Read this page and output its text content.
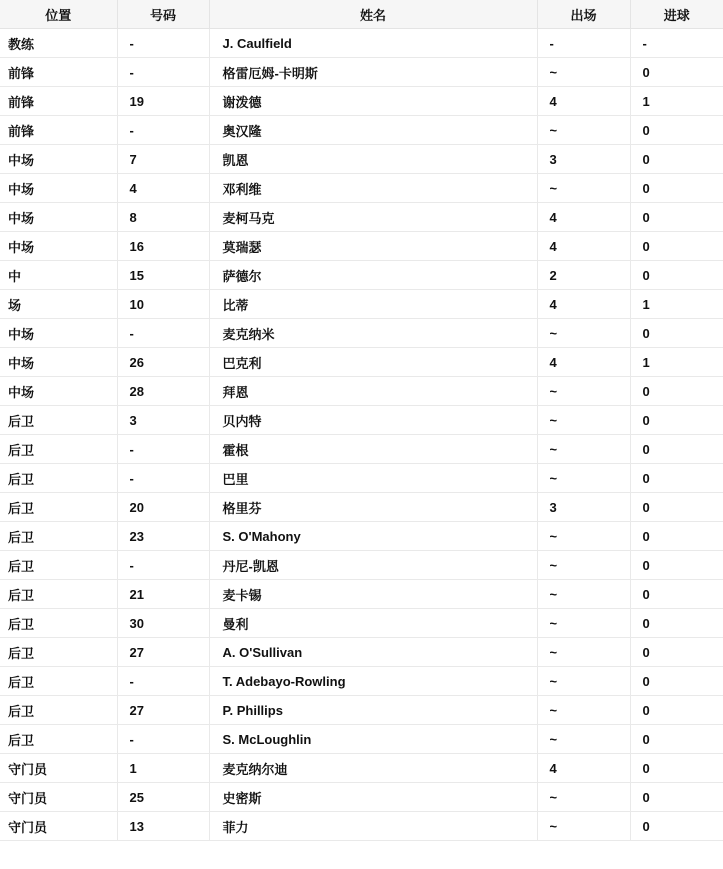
位置	号码	姓名	出场	进球
教练	-	J. Caulfield	-	-
前锋	-	格雷厄姆-卡明斯	~	0
前锋	19	谢泼德	4	1
前锋	-	奥汉隆	~	0
中场	7	凯恩	3	0
中场	4	邓利维	~	0
中场	8	麦柯马克	4	0
中场	16	莫瑞瑟	4	0
中	15	萨德尔	2	0
场	10	比蒂	4	1
中场	-	麦克纳米	~	0
中场	26	巴克利	4	1
中场	28	拜恩	~	0
后卫	3	贝内特	~	0
后卫	-	霍根	~	0
后卫	-	巴里	~	0
后卫	20	格里芬	3	0
后卫	23	S. O'Mahony	~	0
后卫	-	丹尼-凯恩	~	0
后卫	21	麦卡锡	~	0
后卫	30	曼利	~	0
后卫	27	A. O'Sullivan	~	0
后卫	-	T. Adebayo-Rowling	~	0
后卫	27	P. Phillips	~	0
后卫	-	S. McLoughlin	~	0
守门员	1	麦克纳尔迪	4	0
守门员	25	史密斯	~	0
守门员	13	菲力	~	0
